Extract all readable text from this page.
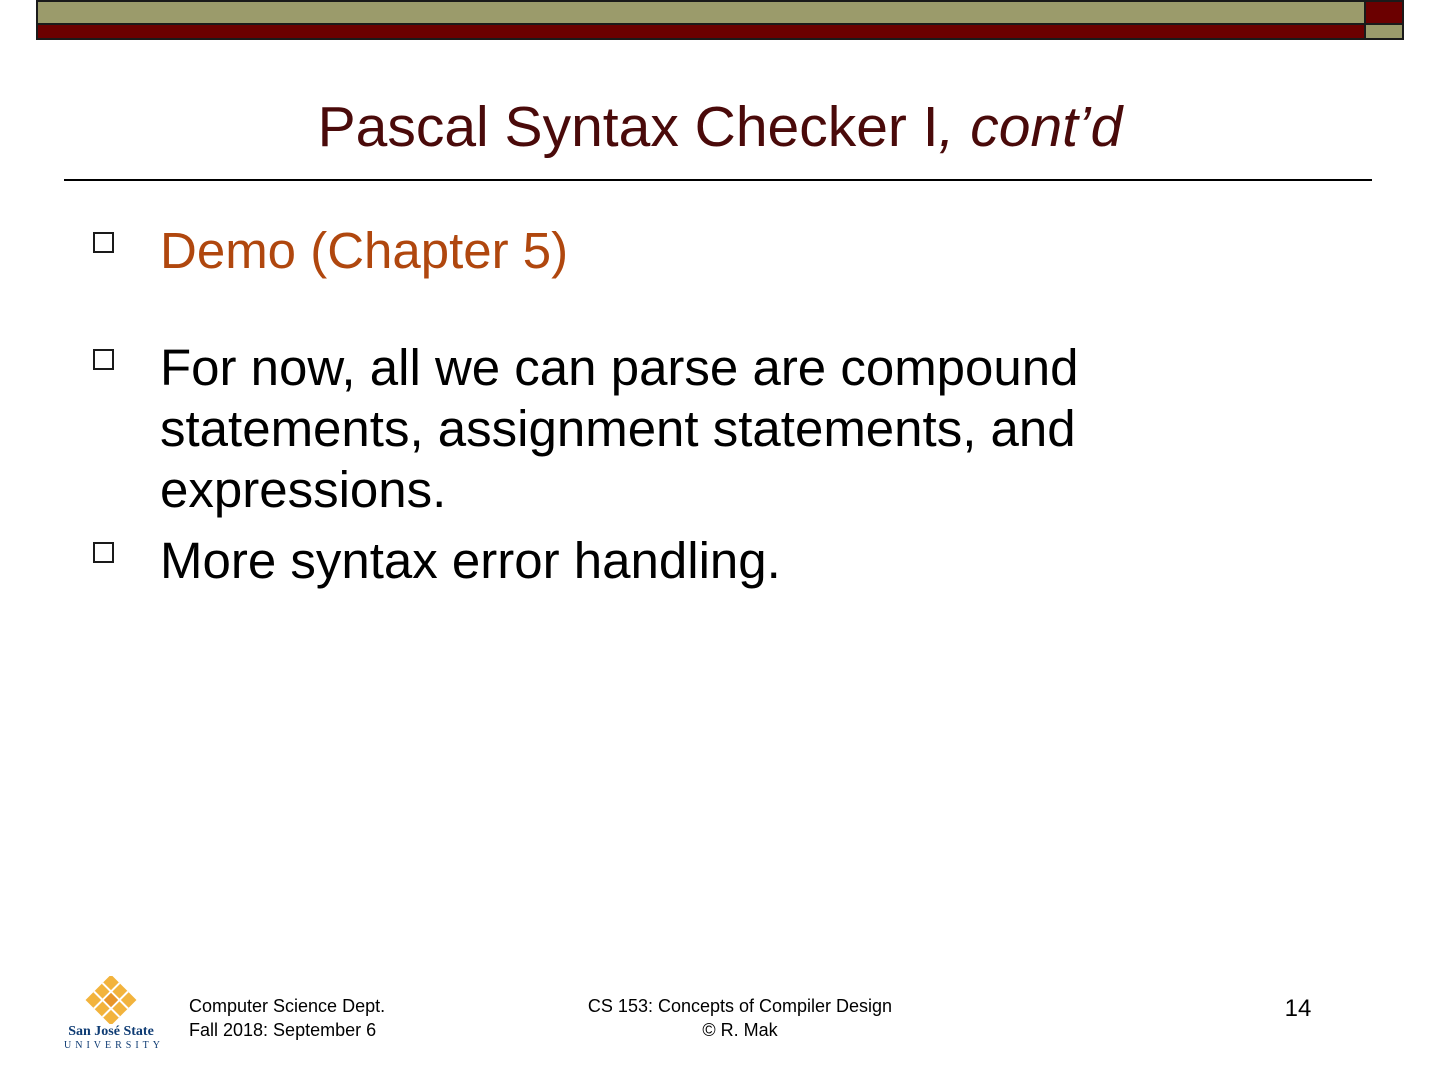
Pascal Syntax Checker I, cont’d
Demo (Chapter 5)
For now, all we can parse are compound statements, assignment statements, and expressions.
More syntax error handling.
San José State
UNIVERSITY
Computer Science Dept.
Fall 2018: September 6
CS 153: Concepts of Compiler Design
© R. Mak
14
